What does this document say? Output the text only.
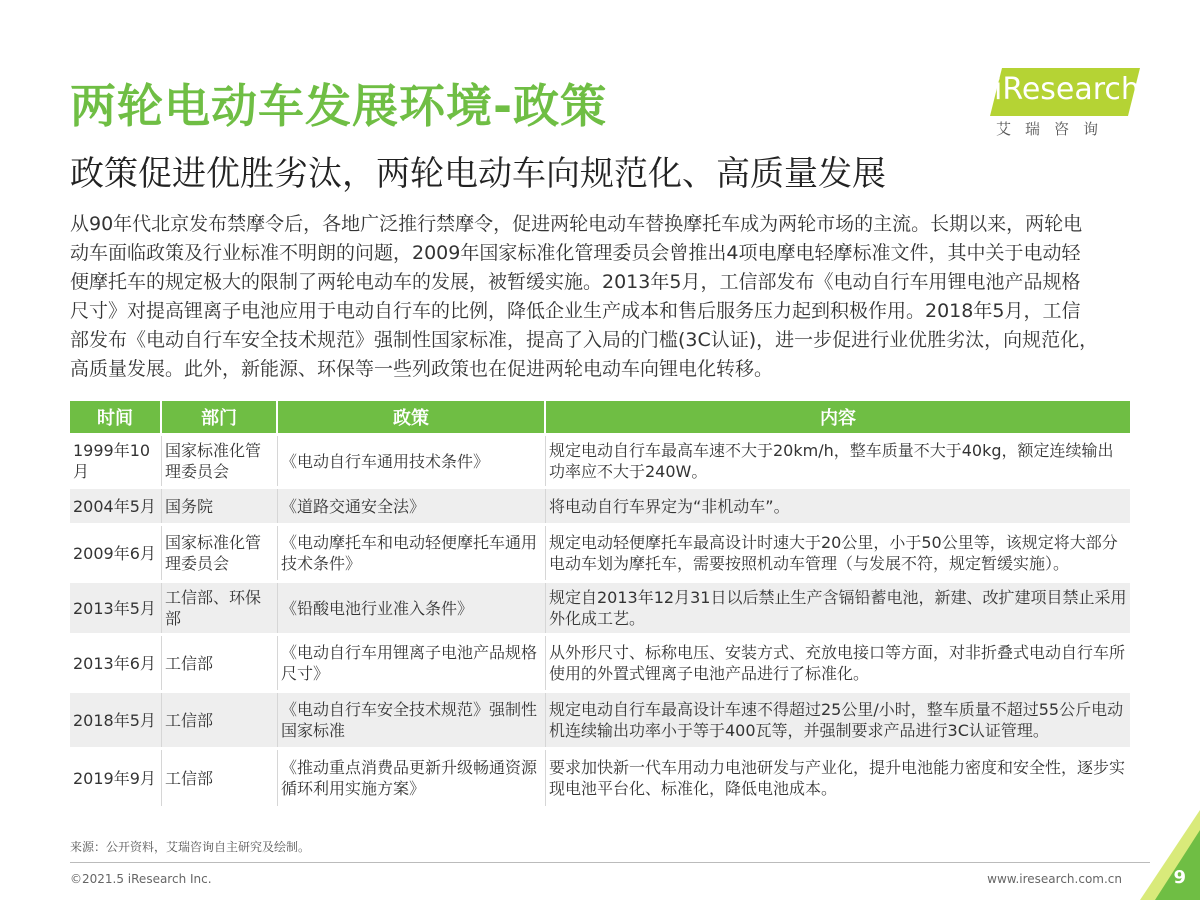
两轮电动车发展环境-政策
政策促进优胜劣汰，两轮电动车向规范化、高质量发展
iResearch
艾瑞咨询
从90年代北京发布禁摩令后，各地广泛推行禁摩令，促进两轮电动车替换摩托车成为两轮市场的主流。长期以来，两轮电
动车面临政策及行业标准不明朗的问题，2009年国家标准化管理委员会曾推出4项电摩电轻摩标准文件，其中关于电动轻
便摩托车的规定极大的限制了两轮电动车的发展，被暂缓实施。2013年5月，工信部发布《电动自行车用锂电池产品规格
尺寸》对提高锂离子电池应用于电动自行车的比例，降低企业生产成本和售后服务压力起到积极作用。2018年5月，工信
部发布《电动自行车安全技术规范》强制性国家标准，提高了入局的门槛(3C认证)，进一步促进行业优胜劣汰，向规范化，
高质量发展。此外，新能源、环保等一些列政策也在促进两轮电动车向锂电化转移。
时间	部门	政策	内容
1999年10月	国家标准化管理委员会	《电动自行车通用技术条件》	规定电动自行车最高车速不大于20km/h，整车质量不大于40kg，额定连续输出功率应不大于240W。
2004年5月	国务院	《道路交通安全法》	将电动自行车界定为“非机动车”。
2009年6月	国家标准化管理委员会	《电动摩托车和电动轻便摩托车通用技术条件》	规定电动轻便摩托车最高设计时速大于20公里，小于50公里等，该规定将大部分电动车划为摩托车，需要按照机动车管理（与发展不符，规定暂缓实施）。
2013年5月	工信部、环保部	《铅酸电池行业准入条件》	规定自2013年12月31日以后禁止生产含镉铅蓄电池，新建、改扩建项目禁止采用外化成工艺。
2013年6月	工信部	《电动自行车用锂离子电池产品规格尺寸》	从外形尺寸、标称电压、安装方式、充放电接口等方面，对非折叠式电动自行车所使用的外置式锂离子电池产品进行了标准化。
2018年5月	工信部	《电动自行车安全技术规范》强制性国家标准	规定电动自行车最高设计车速不得超过25公里/小时，整车质量不超过55公斤电动机连续输出功率小于等于400瓦等，并强制要求产品进行3C认证管理。
2019年9月	工信部	《推动重点消费品更新升级畅通资源循环利用实施方案》	要求加快新一代车用动力电池研发与产业化，提升电池能力密度和安全性，逐步实现电池平台化、标准化，降低电池成本。
来源：公开资料，艾瑞咨询自主研究及绘制。
©2021.5 iResearch Inc.	www.iresearch.com.cn	9
